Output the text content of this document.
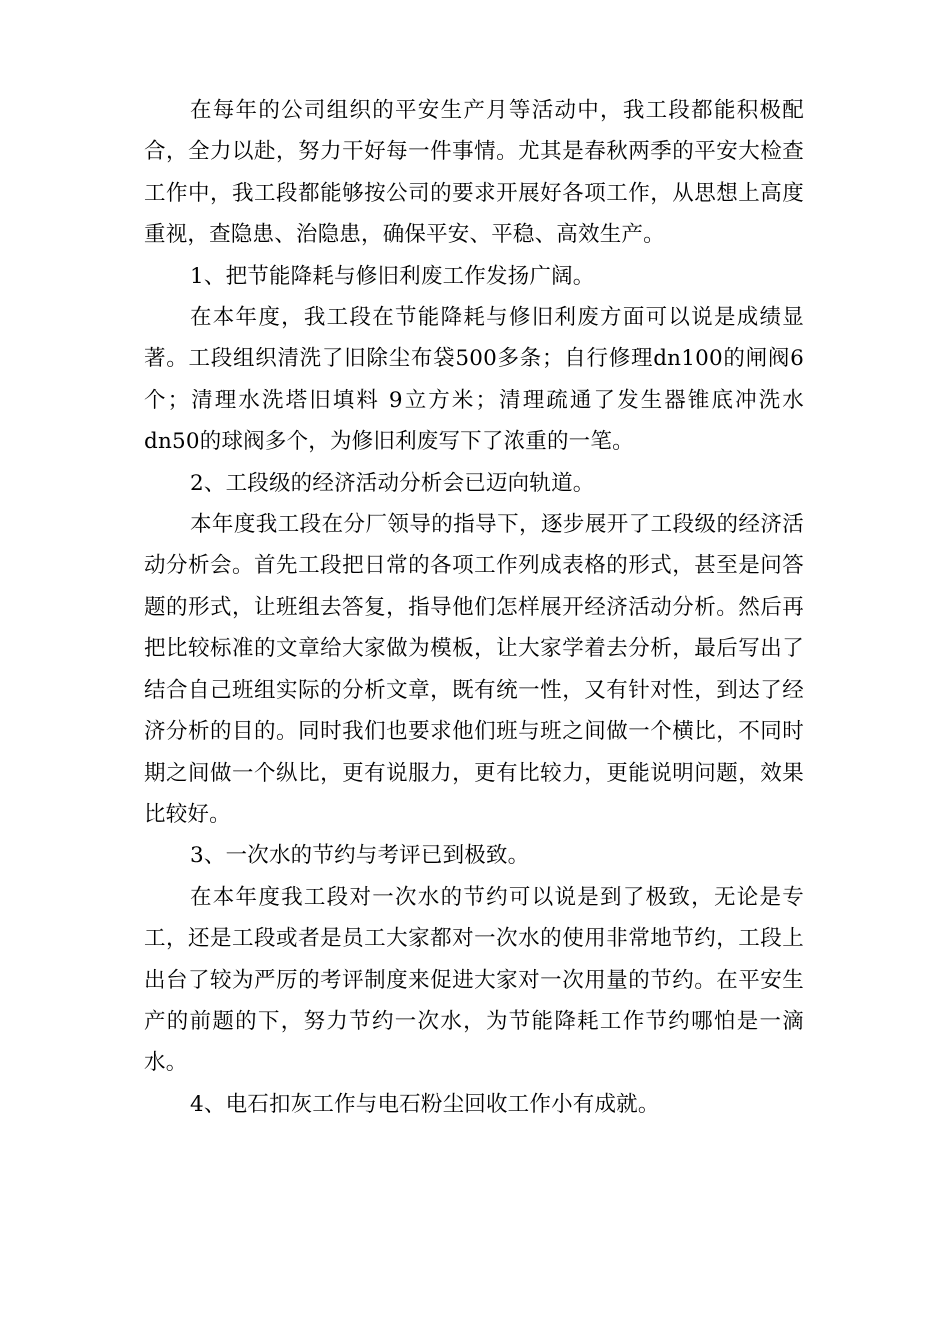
在每年的公司组织的平安生产月等活动中，我工段都能积极配合，全力以赴，努力干好每一件事情。尤其是春秋两季的平安大检查工作中，我工段都能够按公司的要求开展好各项工作，从思想上高度重视，查隐患、治隐患，确保平安、平稳、高效生产。

1、把节能降耗与修旧利废工作发扬广阔。

在本年度，我工段在节能降耗与修旧利废方面可以说是成绩显著。工段组织清洗了旧除尘布袋500多条；自行修理dn100的闸阀6个；清理水洗塔旧填料 9立方米；清理疏通了发生器锥底冲洗水dn50的球阀多个，为修旧利废写下了浓重的一笔。

2、工段级的经济活动分析会已迈向轨道。

本年度我工段在分厂领导的指导下，逐步展开了工段级的经济活动分析会。首先工段把日常的各项工作列成表格的形式，甚至是问答题的形式，让班组去答复，指导他们怎样展开经济活动分析。然后再把比较标准的文章给大家做为模板，让大家学着去分析，最后写出了结合自己班组实际的分析文章，既有统一性，又有针对性，到达了经济分析的目的。同时我们也要求他们班与班之间做一个横比，不同时期之间做一个纵比，更有说服力，更有比较力，更能说明问题，效果比较好。

3、一次水的节约与考评已到极致。

在本年度我工段对一次水的节约可以说是到了极致，无论是专工，还是工段或者是员工大家都对一次水的使用非常地节约，工段上出台了较为严厉的考评制度来促进大家对一次用量的节约。在平安生产的前题的下，努力节约一次水，为节能降耗工作节约哪怕是一滴水。

4、电石扣灰工作与电石粉尘回收工作小有成就。
